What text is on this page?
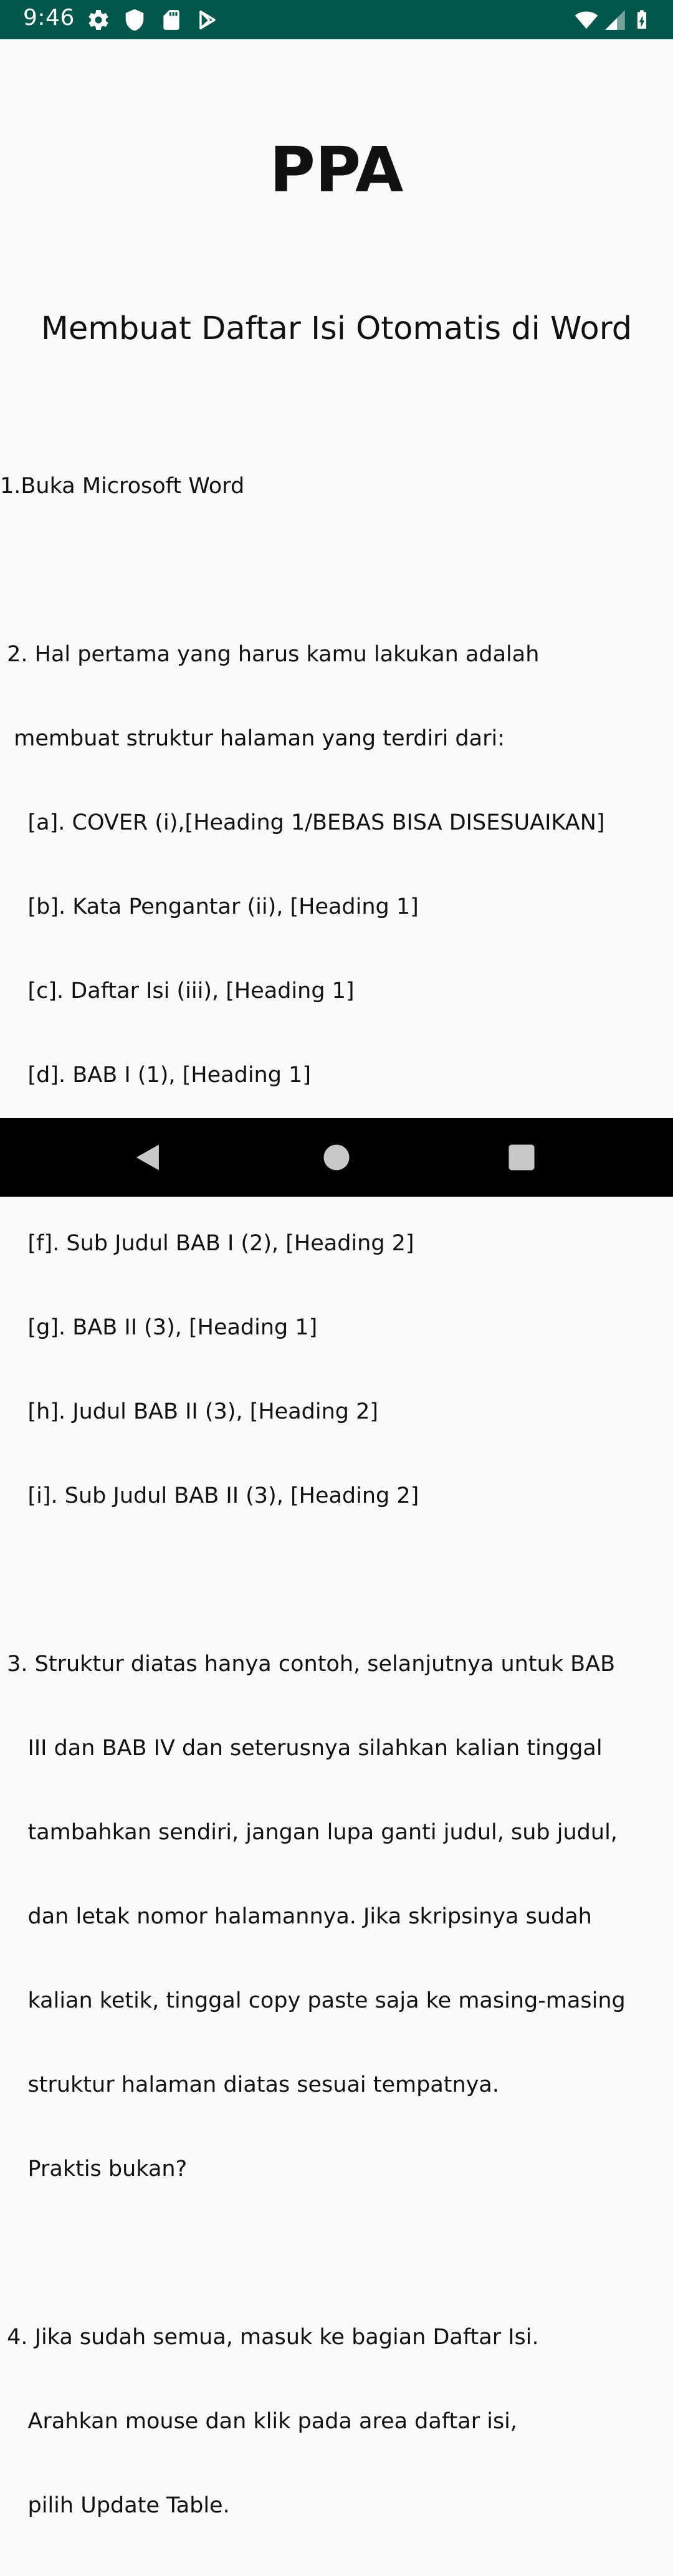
9:46
PPA
Membuat Daftar Isi Otomatis di Word

1.Buka Microsoft Word

2. Hal pertama yang harus kamu lakukan adalah

membuat struktur halaman yang terdiri dari:

[a]. COVER (i),[Heading 1/BEBAS BISA DISESUAIKAN]

[b]. Kata Pengantar (ii), [Heading 1]

[c]. Daftar Isi (iii), [Heading 1]

[d]. BAB I (1), [Heading 1]

[f]. Sub Judul BAB I (2), [Heading 2]

[g]. BAB II (3), [Heading 1]

[h]. Judul BAB II (3), [Heading 2]

[i]. Sub Judul BAB II (3), [Heading 2]

3. Struktur diatas hanya contoh, selanjutnya untuk BAB

III dan BAB IV dan seterusnya silahkan kalian tinggal

tambahkan sendiri, jangan lupa ganti judul, sub judul,

dan letak nomor halamannya. Jika skripsinya sudah

kalian ketik, tinggal copy paste saja ke masing-masing

struktur halaman diatas sesuai tempatnya.

Praktis bukan?

4. Jika sudah semua, masuk ke bagian Daftar Isi.

Arahkan mouse dan klik pada area daftar isi,

pilih Update Table.
